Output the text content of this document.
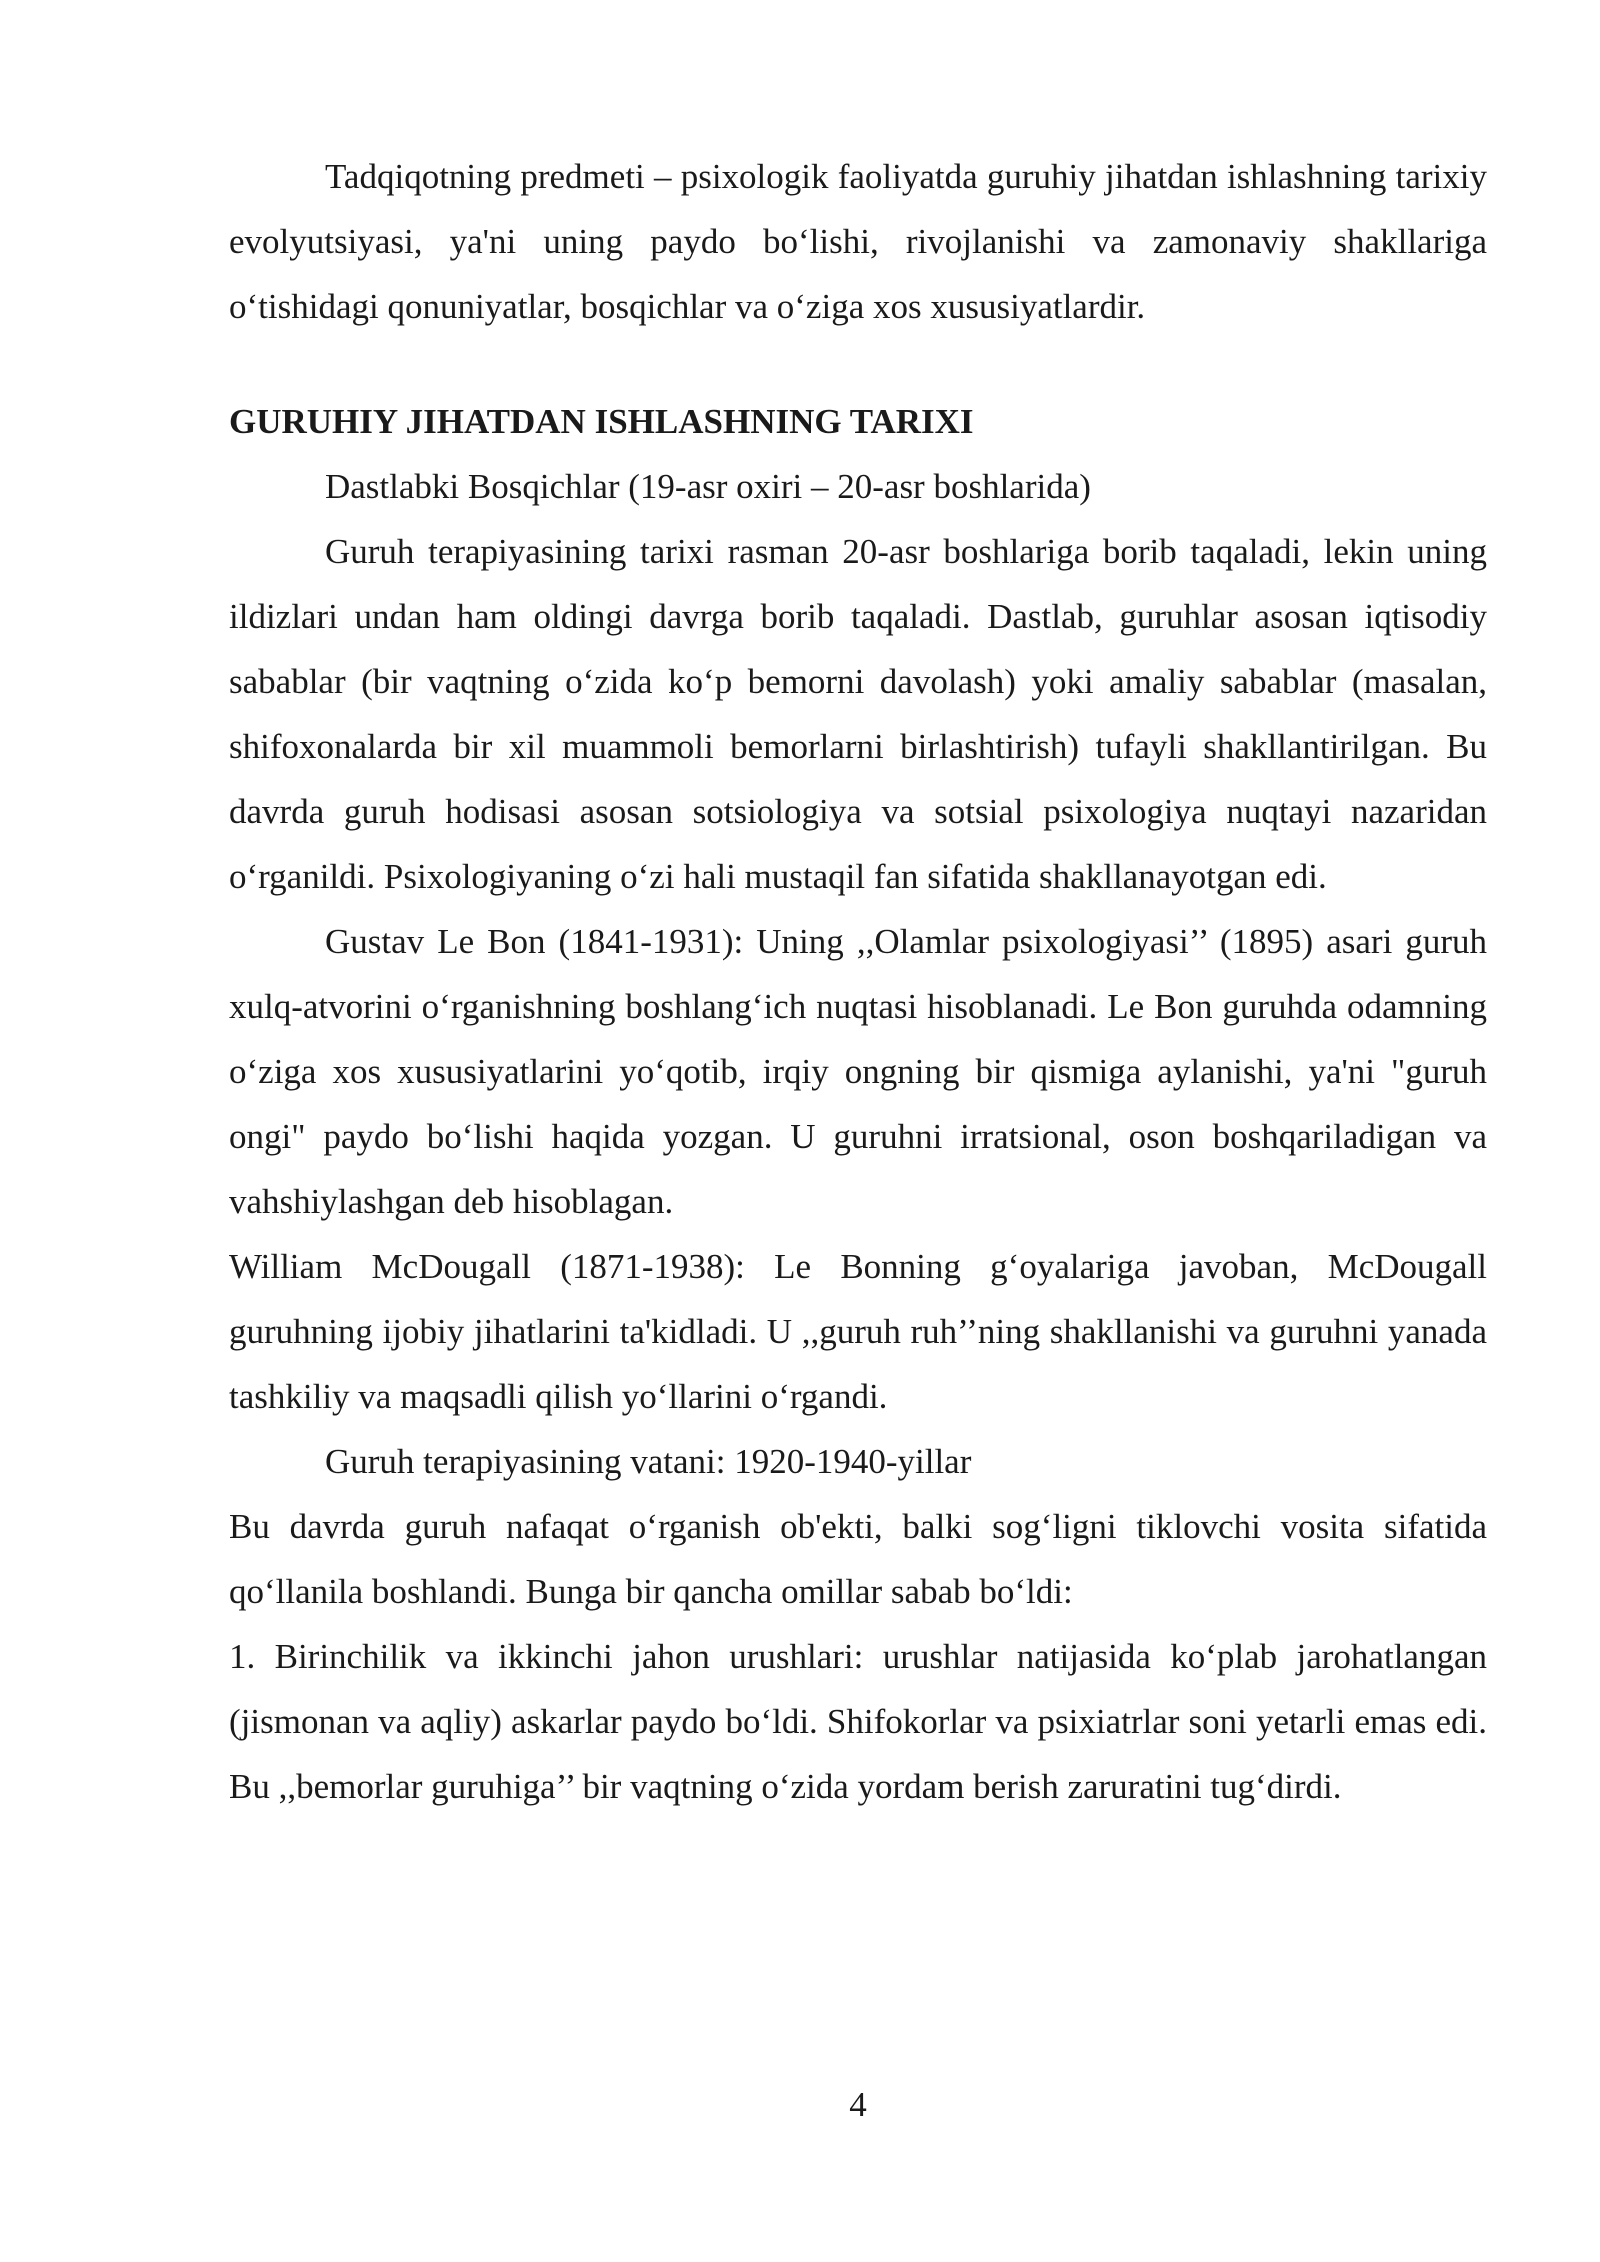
Tadqiqotning predmeti – psixologik faoliyatda guruhiy jihatdan ishlashning tarixiy evolyutsiyasi, ya'ni uning paydo boʻlishi, rivojlanishi va zamonaviy shakllariga oʻtishidagi qonuniyatlar, bosqichlar va oʻziga xos xususiyatlardir.

GURUHIY JIHATDAN ISHLASHNING TARIXI

Dastlabki Bosqichlar (19-asr oxiri – 20-asr boshlarida)

Guruh terapiyasining tarixi rasman 20-asr boshlariga borib taqaladi, lekin uning ildizlari undan ham oldingi davrga borib taqaladi. Dastlab, guruhlar asosan iqtisodiy sabablar (bir vaqtning oʻzida koʻp bemorni davolash) yoki amaliy sabablar (masalan, shifoxonalarda bir xil muammoli bemorlarni birlashtirish) tufayli shakllantirilgan. Bu davrda guruh hodisasi asosan sotsiologiya va sotsial psixologiya nuqtayi nazaridan oʻrganildi. Psixologiyaning oʻzi hali mustaqil fan sifatida shakllanayotgan edi.

Gustav Le Bon (1841-1931): Uning ,,Olamlar psixologiyasi’’ (1895) asari guruh xulq-atvorini oʻrganishning boshlangʻich nuqtasi hisoblanadi. Le Bon guruhda odamning oʻziga xos xususiyatlarini yoʻqotib, irqiy ongning bir qismiga aylanishi, ya'ni "guruh ongi" paydo boʻlishi haqida yozgan. U guruhni irratsional, oson boshqariladigan va vahshiylashgan deb hisoblagan.

William McDougall (1871-1938): Le Bonning gʻoyalariga javoban, McDougall guruhning ijobiy jihatlarini ta'kidladi. U ,,guruh ruh’’ning shakllanishi va guruhni yanada tashkiliy va maqsadli qilish yoʻllarini oʻrgandi.

Guruh terapiyasining vatani: 1920-1940-yillar

Bu davrda guruh nafaqat oʻrganish ob'ekti, balki sogʻligni tiklovchi vosita sifatida qoʻllanila boshlandi. Bunga bir qancha omillar sabab boʻldi:

1. Birinchilik va ikkinchi jahon urushlari: urushlar natijasida koʻplab jarohatlangan (jismonan va aqliy) askarlar paydo boʻldi. Shifokorlar va psixiatrlar soni yetarli emas edi. Bu ,,bemorlar guruhiga’’ bir vaqtning oʻzida yordam berish zaruratini tugʻdirdi.

4
